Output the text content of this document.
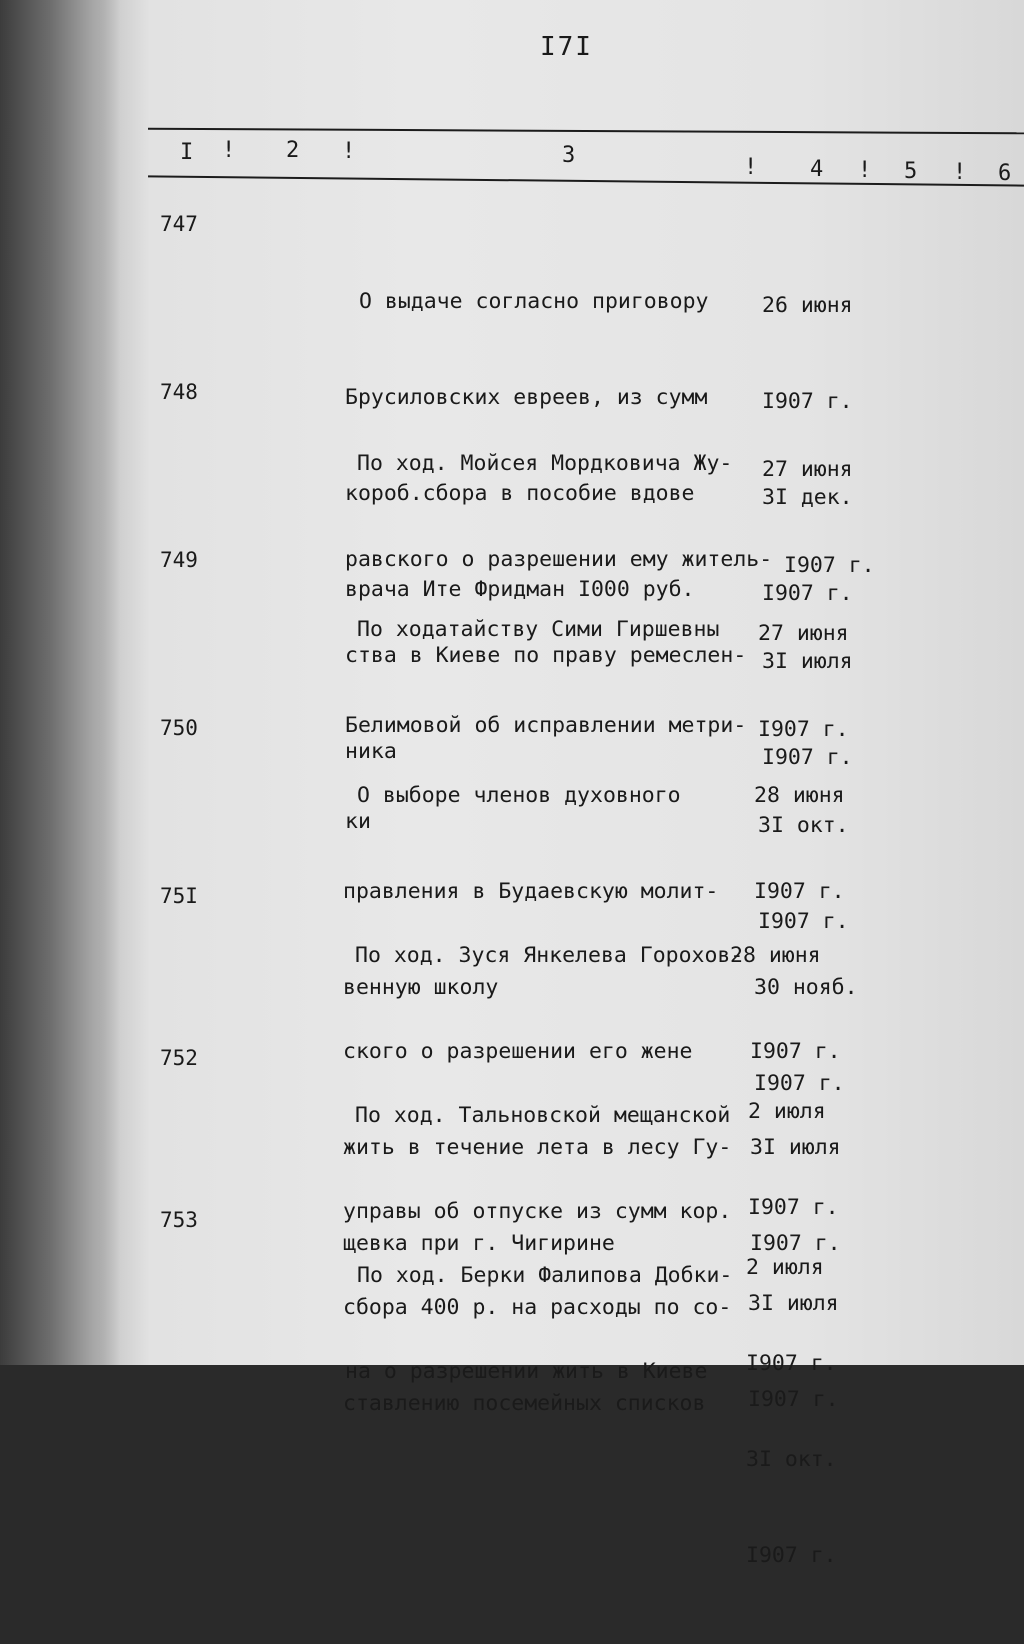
I7I
I ! 2 !	3	! 4 ! 5 ! 6
747

О выдаче согласно приговору

Брусиловских евреев, из сумм

короб.сбора в пособие вдове

врача Ите Фридман I000 руб.

26 июня

I907 г.

3I дек.

I907 г.

748

По ход. Мойсея Мордковича Жу-

равского о разрешении ему житель-

ства в Киеве по праву ремеслен-

ника

27 июня

I907 г.

3I июля

I907 г.

749

По ходатайству Сими Гиршевны

Белимовой об исправлении метри-

ки

27 июня

I907 г.

3I окт.

I907 г.

750

О выборе членов духовного

правления в Будаевскую молит-

венную школу

28 июня

I907 г.

30 нояб.

I907 г.

75I

По ход. Зуся Янкелева Горохов-

ского о разрешении его жене

жить в течение лета в лесу Гу-

щевка при г. Чигирине

28 июня

I907 г.

3I июля

I907 г.

752

По ход. Тальновской мещанской

управы об отпуске из сумм кор.

сбора 400 р. на расходы по со-

ставлению посемейных списков

2 июля

I907 г.

3I июля

I907 г.

753

По ход. Берки Фалипова Добки-

на о разрешении жить в Киеве

2 июля

I907 г.

3I окт.

I907 г.
